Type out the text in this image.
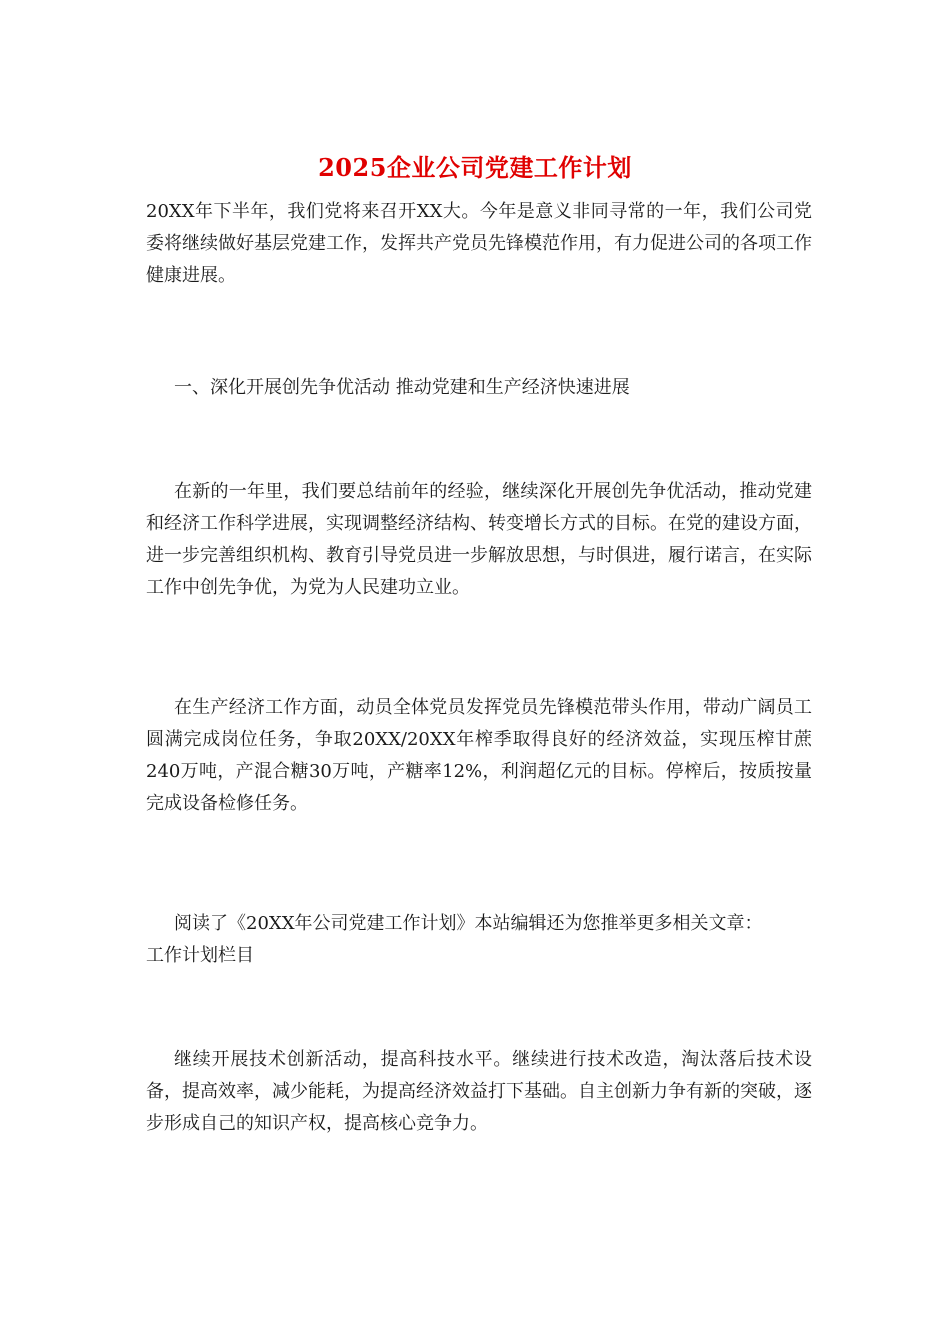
2025企业公司党建工作计划

20XX年下半年，我们党将来召开XX大。今年是意义非同寻常的一年，我们公司党委将继续做好基层党建工作，发挥共产党员先锋模范作用，有力促进公司的各项工作健康进展。

一、深化开展创先争优活动 推动党建和生产经济快速进展

在新的一年里，我们要总结前年的经验，继续深化开展创先争优活动，推动党建和经济工作科学进展，实现调整经济结构、转变增长方式的目标。在党的建设方面，进一步完善组织机构、教育引导党员进一步解放思想，与时俱进，履行诺言，在实际工作中创先争优，为党为人民建功立业。

在生产经济工作方面，动员全体党员发挥党员先锋模范带头作用，带动广阔员工圆满完成岗位任务，争取20XX/20XX年榨季取得良好的经济效益，实现压榨甘蔗240万吨，产混合糖30万吨，产糖率12%，利润超亿元的目标。停榨后，按质按量完成设备检修任务。

阅读了《20XX年公司党建工作计划》本站编辑还为您推举更多相关文章：

工作计划栏目

继续开展技术创新活动，提高科技水平。继续进行技术改造，淘汰落后技术设备，提高效率，减少能耗，为提高经济效益打下基础。自主创新力争有新的突破，逐步形成自己的知识产权，提高核心竞争力。
